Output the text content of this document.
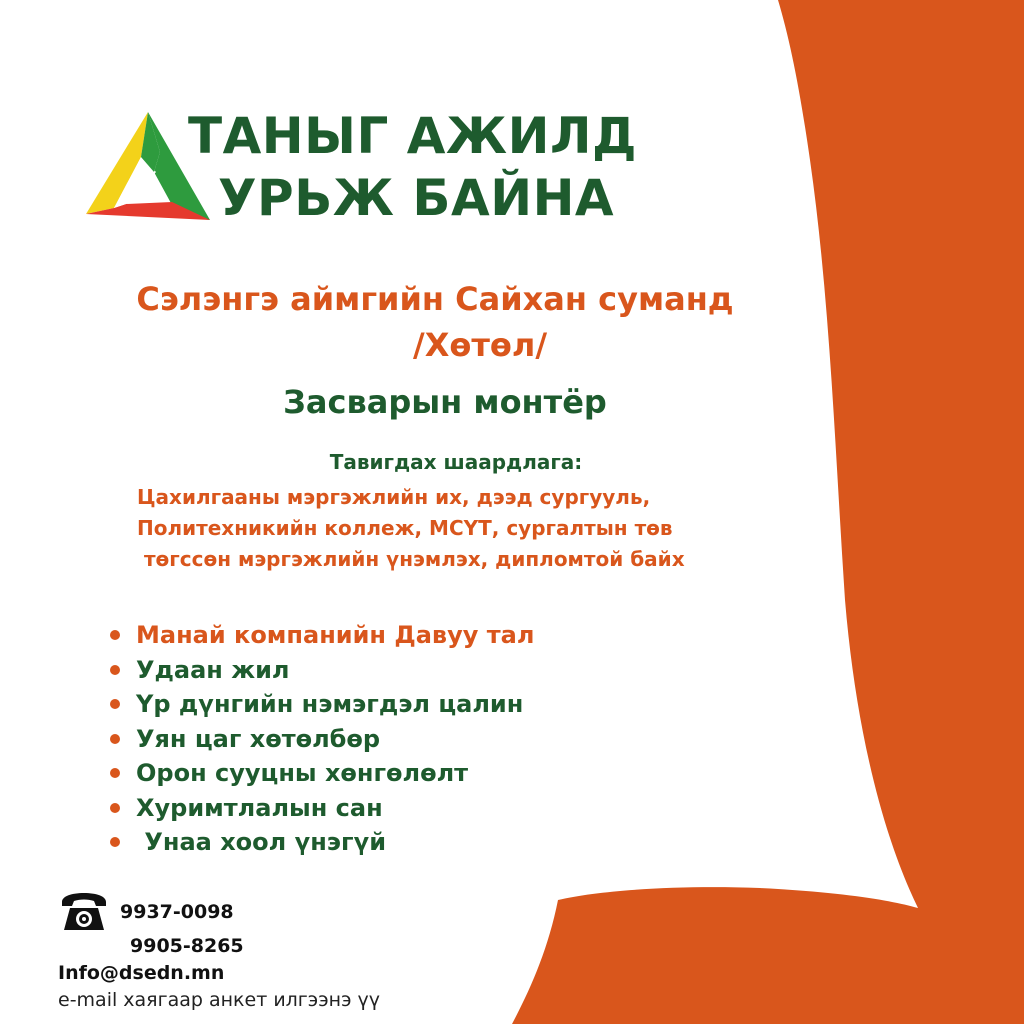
ТАНЫГ АЖИЛД
УРЬЖ БАЙНА
Сэлэнгэ аймгийн Сайхан суманд
/Хөтөл/
Засварын монтёр
Тавигдах шаардлага:
Цахилгааны мэргэжлийн их, дээд сургууль,
Политехникийн коллеж, МСҮТ, сургалтын төв
төгссөн мэргэжлийн үнэмлэх, дипломтой байх
Манай компанийн Давуу тал
Удаан жил
Үр дүнгийн нэмэгдэл цалин
Уян цаг хөтөлбөр
Орон сууцны хөнгөлөлт
Хуримтлалын сан
Унаа хоол үнэгүй
9937-0098
9905-8265
Info@dsedn.mn
e-mail хаягаар анкет илгээнэ үү
